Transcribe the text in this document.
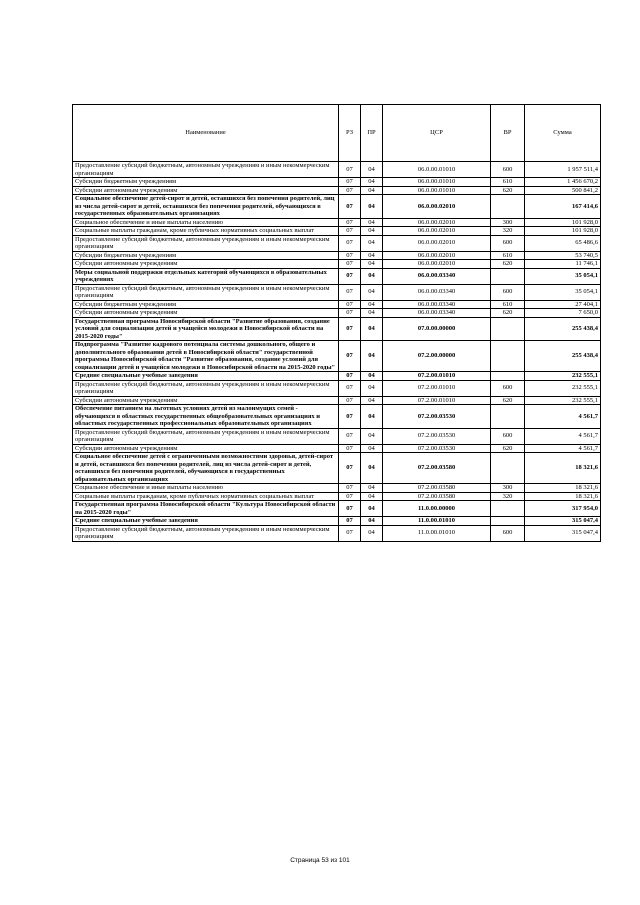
Наименование	РЗ	ПР	ЦСР	ВР	Сумма
Предоставление субсидий бюджетным, автономным учреждениям и иным некоммерческим организациям	07	04	06.0.00.01010	600	1 957 511,4
Субсидии бюджетным учреждениям	07	04	06.0.00.01010	610	1 456 670,2
Субсидии автономным учреждениям	07	04	06.0.00.01010	620	500 841,2
Социальное обеспечение детей-сирот и детей, оставшихся без попечения родителей, лиц из числа детей-сирот и детей, оставшихся без попечения родителей, обучающихся в государственных образовательных организациях	07	04	06.0.00.02010		167 414,6
Социальное обеспечение и иные выплаты населению	07	04	06.0.00.02010	300	101 928,0
Социальные выплаты гражданам, кроме публичных нормативных социальных выплат	07	04	06.0.00.02010	320	101 928,0
Предоставление субсидий бюджетным, автономным учреждениям и иным некоммерческим организациям	07	04	06.0.00.02010	600	65 486,6
Субсидии бюджетным учреждениям	07	04	06.0.00.02010	610	53 740,5
Субсидии автономным учреждениям	07	04	06.0.00.02010	620	11 746,1
Меры социальной поддержки отдельных категорий обучающихся в образовательных учреждениях	07	04	06.0.00.03340		35 054,1
Предоставление субсидий бюджетным, автономным учреждениям и иным некоммерческим организациям	07	04	06.0.00.03340	600	35 054,1
Субсидии бюджетным учреждениям	07	04	06.0.00.03340	610	27 404,1
Субсидии автономным учреждениям	07	04	06.0.00.03340	620	7 650,0
Государственная программа Новосибирской области "Развитие образования, создание условий для социализации детей и учащейся молодежи в Новосибирской области на 2015-2020 годы"	07	04	07.0.00.00000		255 438,4
Подпрограмма "Развитие кадрового потенциала системы дошкольного, общего и дополнительного образования детей в Новосибирской области" государственной программы Новосибирской области "Развитие образования, создание условий для социализации детей и учащейся молодежи в Новосибирской области на 2015-2020 годы"	07	04	07.2.00.00000		255 438,4
Средние специальные учебные заведения	07	04	07.2.00.01010		232 555,1
Предоставление субсидий бюджетным, автономным учреждениям и иным некоммерческим организациям	07	04	07.2.00.01010	600	232 555,1
Субсидии автономным учреждениям	07	04	07.2.00.01010	620	232 555,1
Обеспечение питанием на льготных условиях детей из малоимущих семей - обучающихся в областных государственных общеобразовательных организациях и областных государственных профессиональных образовательных организациях	07	04	07.2.00.03530		4 561,7
Предоставление субсидий бюджетным, автономным учреждениям и иным некоммерческим организациям	07	04	07.2.00.03530	600	4 561,7
Субсидии автономным учреждениям	07	04	07.2.00.03530	620	4 561,7
Социальное обеспечение детей с ограниченными возможностями здоровья, детей-сирот и детей, оставшихся без попечения родителей, лиц из числа детей-сирот и детей, оставшихся без попечения родителей, обучающихся в государственных образовательных организациях	07	04	07.2.00.03580		18 321,6
Социальное обеспечение и иные выплаты населению	07	04	07.2.00.03580	300	18 321,6
Социальные выплаты гражданам, кроме публичных нормативных социальных выплат	07	04	07.2.00.03580	320	18 321,6
Государственная программа Новосибирской области "Культура Новосибирской области на 2015-2020 годы"	07	04	11.0.00.00000		317 954,0
Средние специальные учебные заведения	07	04	11.0.00.01010		315 047,4
Предоставление субсидий бюджетным, автономным учреждениям и иным некоммерческим организациям	07	04	11.0.00.01010	600	315 047,4
Страница 53 из 101
